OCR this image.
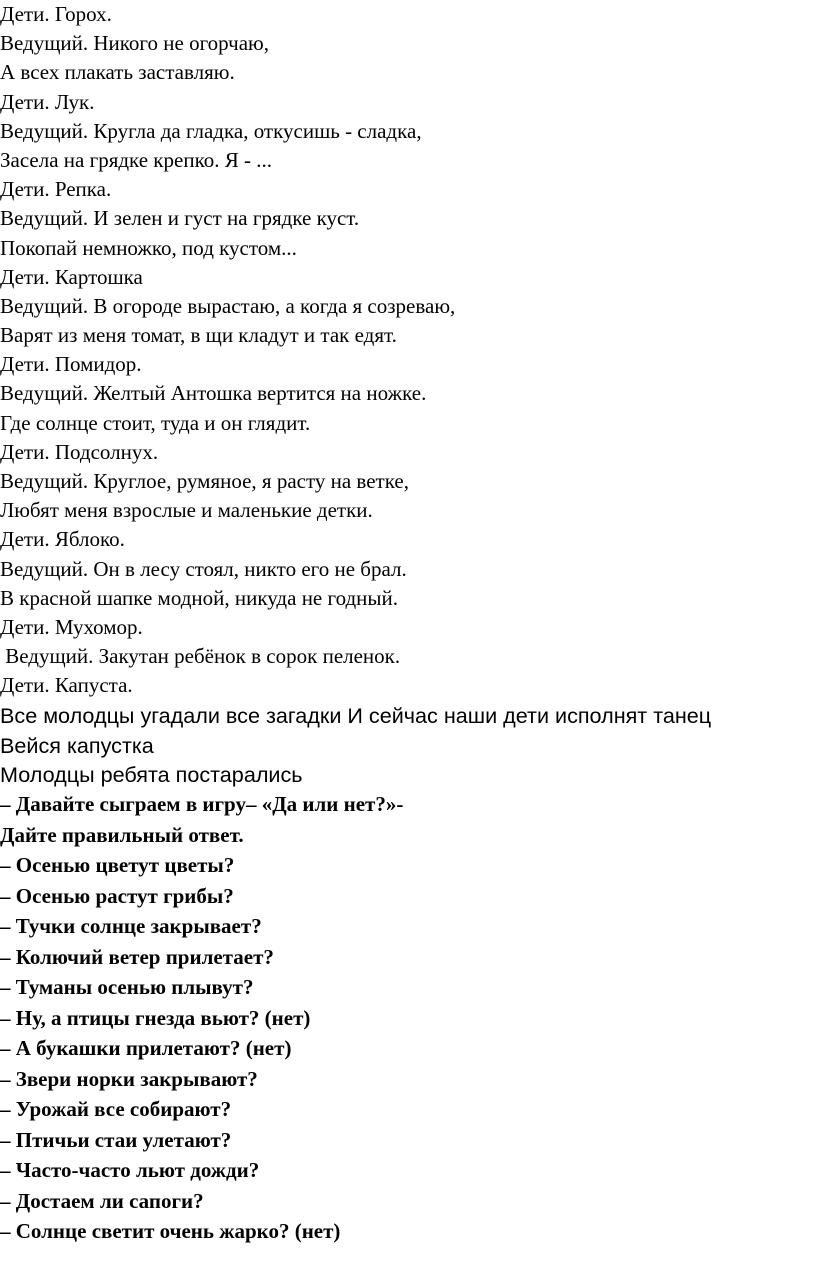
Дети. Горох.
Ведущий. Никого не огорчаю,
А всех плакать заставляю.
Дети. Лук.
Ведущий. Кругла да гладка, откусишь - сладка,
Засела на грядке крепко. Я - ...
Дети. Репка.
Ведущий. И зелен и густ на грядке куст.
Покопай немножко, под кустом...
Дети. Картошка
Ведущий. В огороде вырастаю, а когда я созреваю,
Варят из меня томат, в щи кладут и так едят.
Дети. Помидор.
Ведущий. Желтый Антошка вертится на ножке.
Где солнце стоит, туда и он глядит.
Дети. Подсолнух.
Ведущий. Круглое, румяное, я расту на ветке,
Любят меня взрослые и маленькие детки.
Дети. Яблоко.
Ведущий. Он в лесу стоял, никто его не брал.
В красной шапке модной, никуда не годный.
Дети. Мухомор.
Ведущий. Закутан ребёнок в сорок пеленок.
Дети. Капуста.
Все молодцы угадали все загадки И сейчас наши дети исполнят танец
Вейся капустка
Молодцы ребята постарались
– Давайте сыграем в игру– «Да или нет?»-
Дайте правильный ответ.
– Осенью цветут цветы?
– Осенью растут грибы?
– Тучки солнце закрывает?
– Колючий ветер прилетает?
– Туманы осенью плывут?
– Ну, а птицы гнезда вьют? (нет)
– А букашки прилетают? (нет)
– Звери норки закрывают?
– Урожай все собирают?
– Птичьи стаи улетают?
– Часто-часто льют дожди?
– Достаем ли сапоги?
– Солнце светит очень жарко? (нет)
